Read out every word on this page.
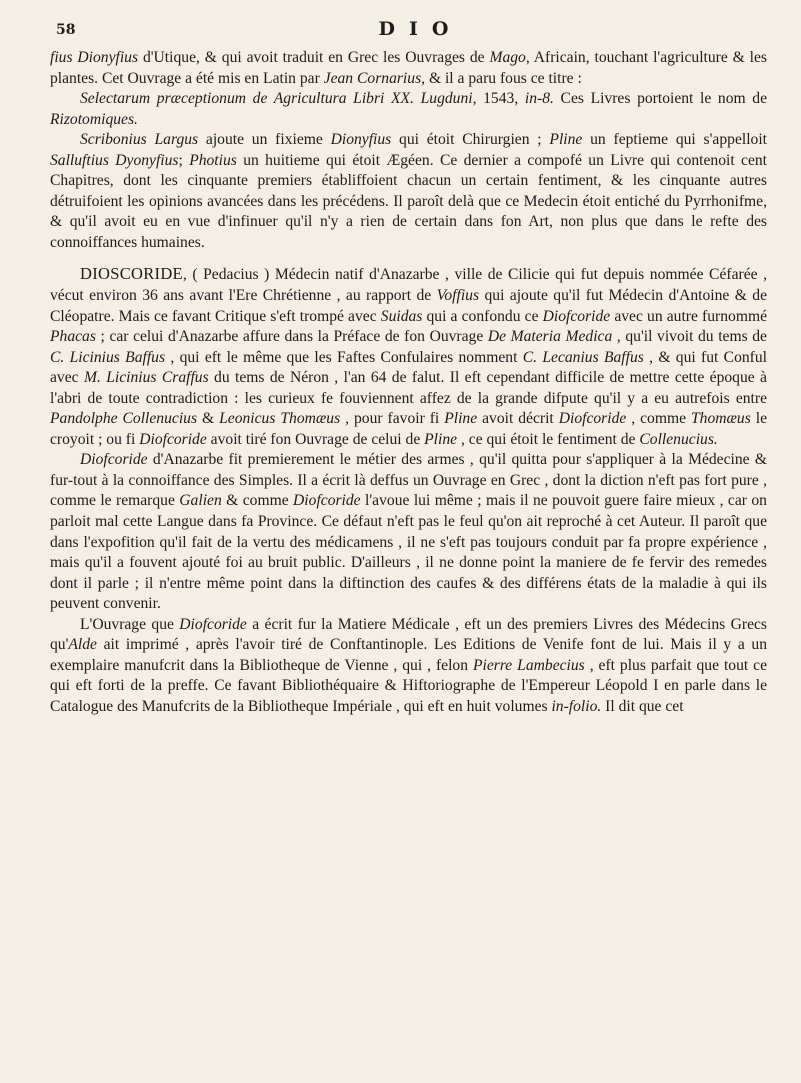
58	DIO

fius Dionyfius d'Utique, & qui avoit traduit en Grec les Ouvrages de Mago, Africain, touchant l'agriculture & les plantes. Cet Ouvrage a été mis en Latin par Jean Cornarius, & il a paru fous ce titre :

Selectarum præceptionum de Agricultura Libri XX. Lugduni, 1543, in-8. Ces Livres portoient le nom de Rizotomiques.

Scribonius Largus ajoute un fixieme Dionyfius qui étoit Chirurgien ; Pline un feptieme qui s'appelloit Salluftius Dyonyfius; Photius un huitieme qui étoit Ægéen. Ce dernier a compofé un Livre qui contenoit cent Chapitres, dont les cinquante premiers établiffoient chacun un certain fentiment, & les cinquante autres détruifoient les opinions avancées dans les précédens. Il paroît delà que ce Medecin étoit entiché du Pyrrhonifme, & qu'il avoit eu en vue d'infinuer qu'il n'y a rien de certain dans fon Art, non plus que dans le refte des connoiffances humaines.

DIOSCORIDE, ( Pedacius ) Médecin natif d'Anazarbe , ville de Cilicie qui fut depuis nommée Céfarée , vécut environ 36 ans avant l'Ere Chrétienne , au rapport de Voffius qui ajoute qu'il fut Médecin d'Antoine & de Cléopatre. Mais ce favant Critique s'eft trompé avec Suidas qui a confondu ce Diofcoride avec un autre furnommé Phacas ; car celui d'Anazarbe affure dans la Préface de fon Ouvrage De Materia Medica , qu'il vivoit du tems de C. Licinius Baffus , qui eft le même que les Faftes Confulaires nomment C. Lecanius Baffus , & qui fut Conful avec M. Licinius Craffus du tems de Néron , l'an 64 de falut. Il eft cependant difficile de mettre cette époque à l'abri de toute contradiction : les curieux fe fouviennent affez de la grande difpute qu'il y a eu autrefois entre Pandolphe Collenucius & Leonicus Thomæus , pour favoir fi Pline avoit décrit Diofcoride , comme Thomæus le croyoit ; ou fi Diofcoride avoit tiré fon Ouvrage de celui de Pline , ce qui étoit le fentiment de Collenucius.

Diofcoride d'Anazarbe fit premierement le métier des armes , qu'il quitta pour s'appliquer à la Médecine & fur-tout à la connoiffance des Simples. Il a écrit là deffus un Ouvrage en Grec , dont la diction n'eft pas fort pure , comme le remarque Galien & comme Diofcoride l'avoue lui même ; mais il ne pouvoit guere faire mieux , car on parloit mal cette Langue dans fa Province. Ce défaut n'eft pas le feul qu'on ait reproché à cet Auteur. Il paroît que dans l'expofition qu'il fait de la vertu des médicamens , il ne s'eft pas toujours conduit par fa propre expérience , mais qu'il a fouvent ajouté foi au bruit public. D'ailleurs , il ne donne point la maniere de fe fervir des remedes dont il parle ; il n'entre même point dans la diftinction des caufes & des différens états de la maladie à qui ils peuvent convenir.

L'Ouvrage que Diofcoride a écrit fur la Matiere Médicale , eft un des premiers Livres des Médecins Grecs qu'Alde ait imprimé , après l'avoir tiré de Conftantinople. Les Editions de Venife font de lui. Mais il y a un exemplaire manufcrit dans la Bibliotheque de Vienne , qui , felon Pierre Lambecius , eft plus parfait que tout ce qui eft forti de la preffe. Ce favant Bibliothéquaire & Hiftoriographe de l'Empereur Léopold I en parle dans le Catalogue des Manufcrits de la Bibliotheque Impériale , qui eft en huit volumes in-folio. Il dit que cet
